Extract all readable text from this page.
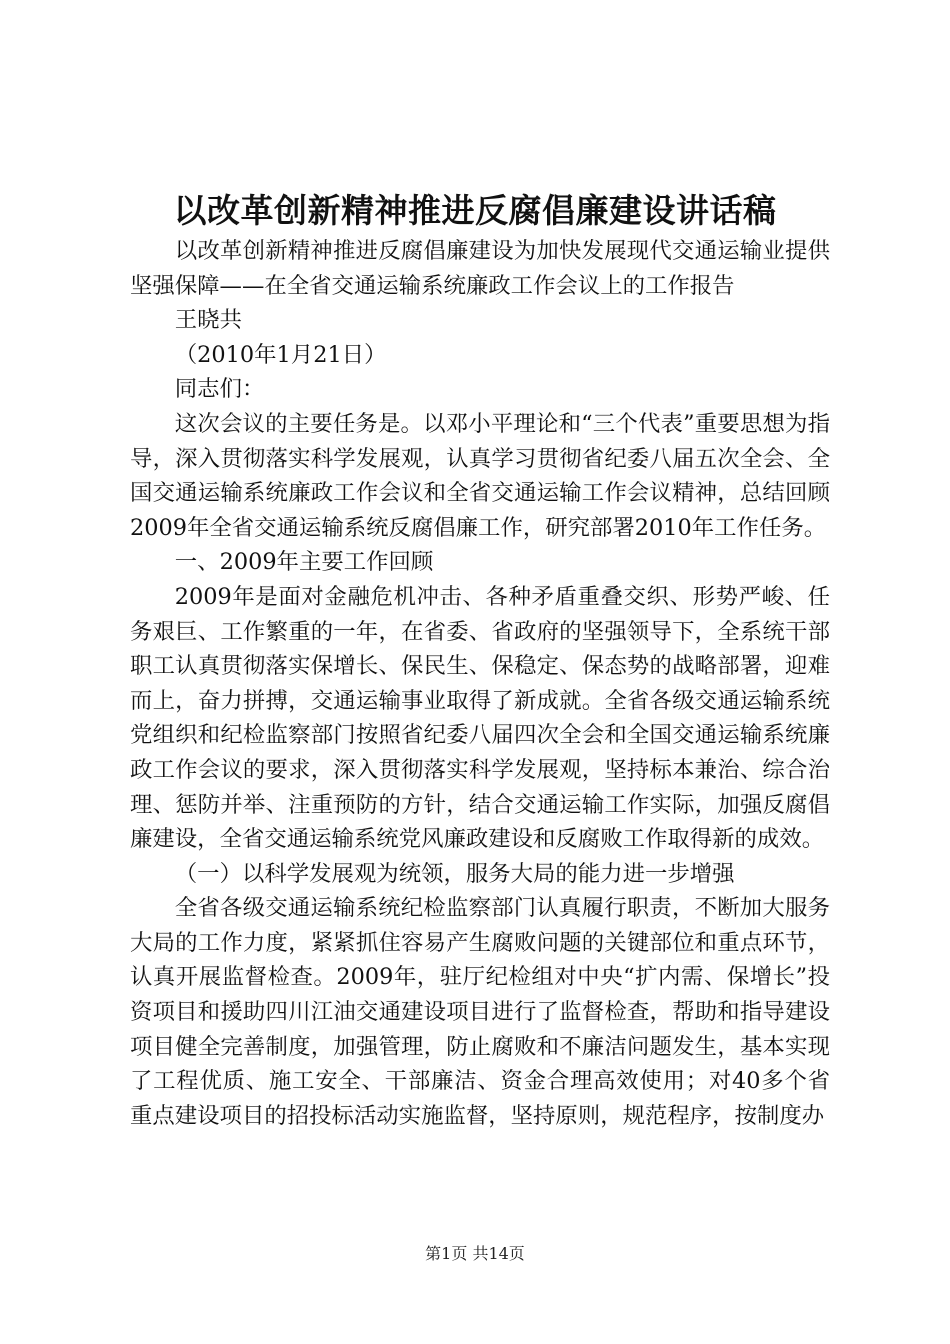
以改革创新精神推进反腐倡廉建设讲话稿

以改革创新精神推进反腐倡廉建设为加快发展现代交通运输业提供坚强保障——在全省交通运输系统廉政工作会议上的工作报告

王晓共

（2010年1月21日）

同志们：

这次会议的主要任务是。以邓小平理论和“三个代表”重要思想为指导，深入贯彻落实科学发展观，认真学习贯彻省纪委八届五次全会、全国交通运输系统廉政工作会议和全省交通运输工作会议精神，总结回顾2009年全省交通运输系统反腐倡廉工作，研究部署2010年工作任务。

一、2009年主要工作回顾

2009年是面对金融危机冲击、各种矛盾重叠交织、形势严峻、任务艰巨、工作繁重的一年，在省委、省政府的坚强领导下，全系统干部职工认真贯彻落实保增长、保民生、保稳定、保态势的战略部署，迎难而上，奋力拼搏，交通运输事业取得了新成就。全省各级交通运输系统党组织和纪检监察部门按照省纪委八届四次全会和全国交通运输系统廉政工作会议的要求，深入贯彻落实科学发展观，坚持标本兼治、综合治理、惩防并举、注重预防的方针，结合交通运输工作实际，加强反腐倡廉建设，全省交通运输系统党风廉政建设和反腐败工作取得新的成效。

（一）以科学发展观为统领，服务大局的能力进一步增强

全省各级交通运输系统纪检监察部门认真履行职责，不断加大服务大局的工作力度，紧紧抓住容易产生腐败问题的关键部位和重点环节，认真开展监督检查。2009年，驻厅纪检组对中央“扩内需、保增长”投资项目和援助四川江油交通建设项目进行了监督检查，帮助和指导建设项目健全完善制度，加强管理，防止腐败和不廉洁问题发生，基本实现了工程优质、施工安全、干部廉洁、资金合理高效使用；对40多个省重点建设项目的招投标活动实施监督，坚持原则，规范程序，按制度办

第1页 共14页
